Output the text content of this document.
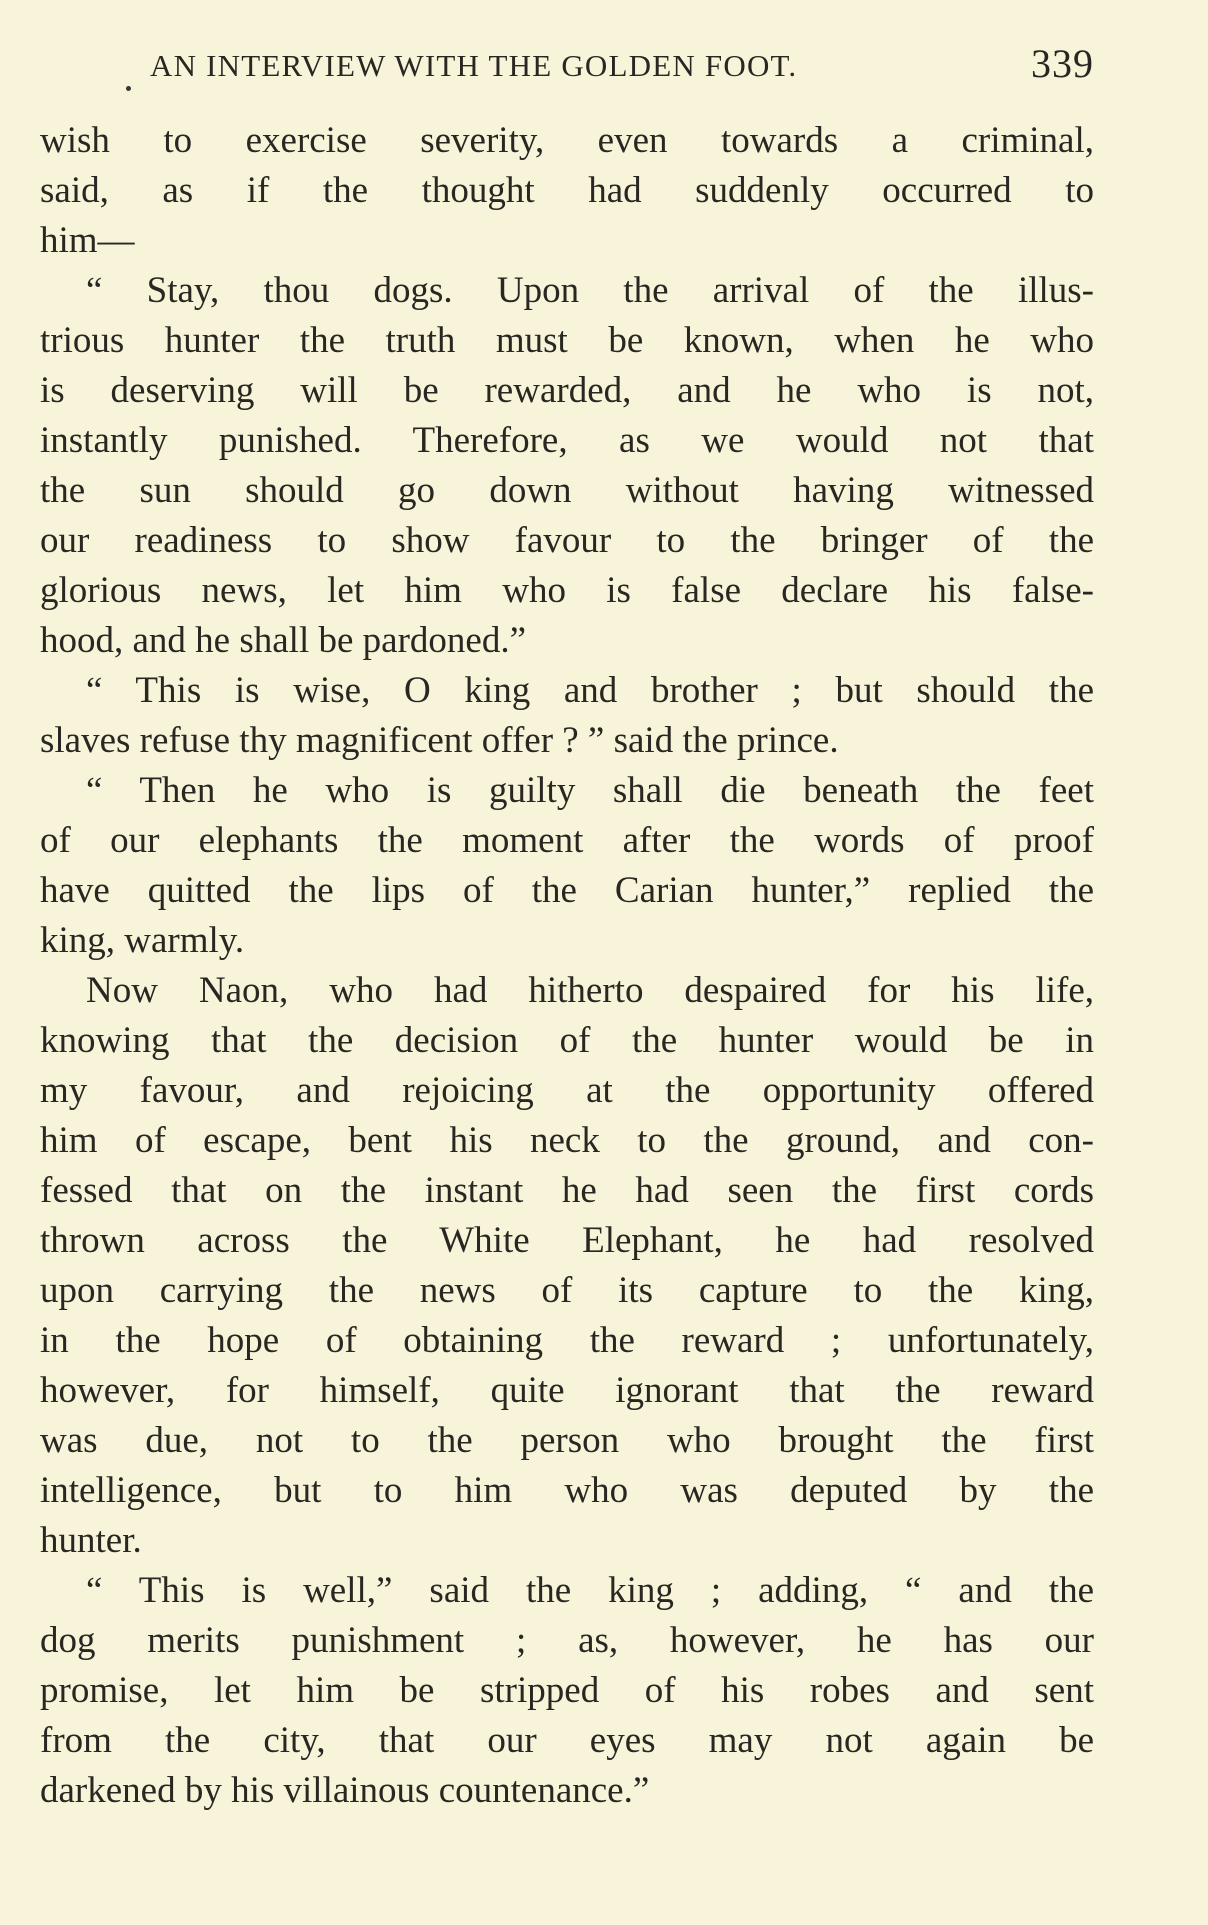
AN INTERVIEW WITH THE GOLDEN FOOT.	339
wish to exercise severity, even towards a criminal,
said, as if the thought had suddenly occurred to
him—
“ Stay, thou dogs. Upon the arrival of the illus-
trious hunter the truth must be known, when he who
is deserving will be rewarded, and he who is not,
instantly punished. Therefore, as we would not that
the sun should go down without having witnessed
our readiness to show favour to the bringer of the
glorious news, let him who is false declare his false-
hood, and he shall be pardoned.”
“ This is wise, O king and brother ; but should the
slaves refuse thy magnificent offer ? ” said the prince.
“ Then he who is guilty shall die beneath the feet
of our elephants the moment after the words of proof
have quitted the lips of the Carian hunter,” replied the
king, warmly.
Now Naon, who had hitherto despaired for his life,
knowing that the decision of the hunter would be in
my favour, and rejoicing at the opportunity offered
him of escape, bent his neck to the ground, and con-
fessed that on the instant he had seen the first cords
thrown across the White Elephant, he had resolved
upon carrying the news of its capture to the king,
in the hope of obtaining the reward ; unfortunately,
however, for himself, quite ignorant that the reward
was due, not to the person who brought the first
intelligence, but to him who was deputed by the
hunter.
“ This is well,” said the king ; adding, “ and the
dog merits punishment ; as, however, he has our
promise, let him be stripped of his robes and sent
from the city, that our eyes may not again be
darkened by his villainous countenance.”
